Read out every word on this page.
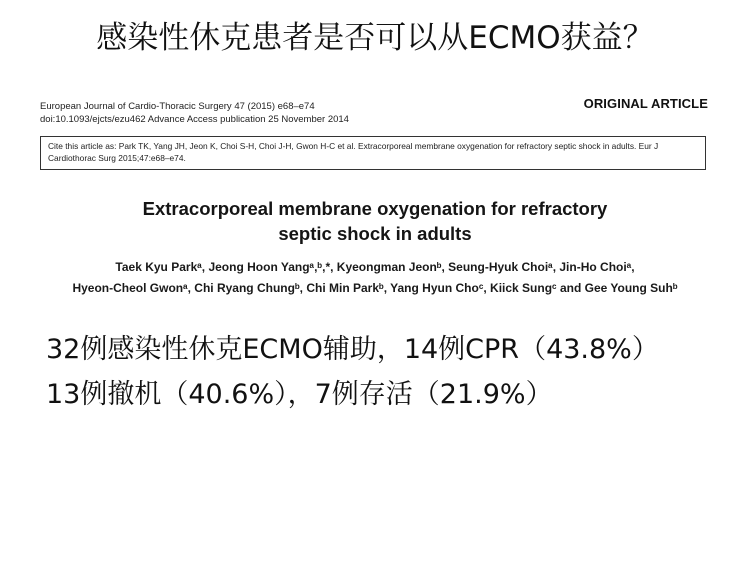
感染性休克患者是否可以从ECMO获益？
European Journal of Cardio-Thoracic Surgery 47 (2015) e68–e74
doi:10.1093/ejcts/ezu462 Advance Access publication 25 November 2014
ORIGINAL ARTICLE
Cite this article as: Park TK, Yang JH, Jeon K, Choi S-H, Choi J-H, Gwon H-C et al. Extracorporeal membrane oxygenation for refractory septic shock in adults. Eur J
Cardiothorac Surg 2015;47:e68–e74.
Extracorporeal membrane oxygenation for refractory
septic shock in adults
Taek Kyu Parkᵃ, Jeong Hoon Yangᵃ,ᵇ,*, Kyeongman Jeonᵇ, Seung-Hyuk Choiᵃ, Jin-Ho Choiᵃ,
Hyeon-Cheol Gwonᵃ, Chi Ryang Chungᵇ, Chi Min Parkᵇ, Yang Hyun Choᶜ, Kiick Sungᶜ and Gee Young Suhᵇ
32例感染性休克ECMO辅助，14例CPR（43.8%）
13例撤机（40.6%），7例存活（21.9%）
